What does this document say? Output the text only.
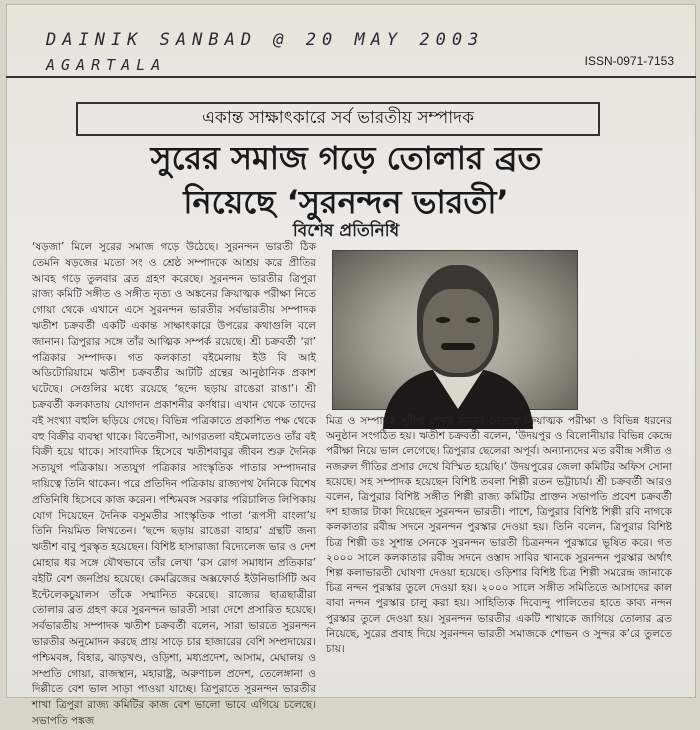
DAINIK SANBAD @ 20 MAY 2003
AGARTALA	ISSN-0971-7153
একান্ত সাক্ষাৎকারে সর্ব ভারতীয় সম্পাদক
সুরের সমাজ গড়ে তোলার ব্রত
নিয়েছে ‘সুরনন্দন ভারতী’
বিশেষ প্রতিনিধি

‘ষড়জা’ মিলে সুরের সমাজ গড়ে উঠেছে। সুরনন্দন ভারতী ঠিক তেমনি ষড়জের মতো সং ও শ্রেষ্ঠ সম্পাদকে আশ্রয় করে প্রীতির আবহ গড়ে তুলবার ব্রত গ্রহণ করেছে। সুরনন্দন ভারতীর ত্রিপুরা রাজ্য কমিটি সঙ্গীত ও সঙ্গীত নৃত্য ও অঙ্কনের ক্রিয়াত্মক পরীক্ষা নিতে গোয়া থেকে এখানে এসে সুরনন্দন ভারতীর সর্বভারতীয় সম্পাদক ঋতীশ চক্রবর্তী একটি একান্ত সাক্ষাৎকারে উপরের কথাগুলি বলে জানান। ত্রিপুরার সঙ্গে তাঁর আত্মিক সম্পর্ক রয়েছে। শ্রী চক্রবর্তী ‘রা’ পত্রিকার সম্পাদক। গত কলকাতা বইমেলায় ইউ বি আই অডিটোরিয়ামে ঋতীশ চক্রবর্তীর আটটি গ্রন্থের আনুষ্ঠানিক প্রকাশ ঘটেছে। সেগুলির মধ্যে রয়েছে ‘ছন্দে ছড়ায় রাঙেরা রাঙা’। শ্রী চক্রবর্তী কলকাতায় যোগদান প্রকাশনীর কর্ণধার। এখান থেকে তাদের বই সংখ্যা বহুলি ছড়িয়ে গেছে। বিভিন্ন পত্রিকাতে প্রকাশিত পক্ষ থেকে বহু বিক্রীর ব্যবস্থা থাকে। বিতেনীসা, আগরতলা বইমেলাতেও তাঁর বই বিক্রী হয়ে থাকে। সাংবাদিক হিসেবে ঋতীশবাবুর জীবন শুরু দৈনিক সত্যযুগ পত্রিকায়। সত্যযুগ পত্রিকার সাংস্কৃতিক পাতার সম্পাদনার দায়িত্বে তিনি থাকেন। পরে প্রতিদিন পত্রিকায় রাজ্যপথ দৈনিকে বিশেষ প্রতিনিধি হিসেবে কাজ করেন। পশ্চিমবঙ্গ সরকার পরিচালিত লিপিকায় যোগ দিয়েছেন দৈনিক বসুমতীর সাংস্কৃতিক পাতা ‘রূপসী বাংলা’য় তিনি নিয়মিত লিখতেন। ‘ছন্দে ছড়ায় রাঙেরা বাহার’ গ্রন্থটি জন্য ঋতীশ বাবু পুরস্কৃত হয়েছেন। বিশিষ্ট হাসারাজা বিদ্যেলেজ ভার ও দেশ মোহার ধর সঙ্গে যৌথভাবে তাঁর লেখা ‘রস রোগ সমাধান প্রতিকার’ বইটি বেশ জনপ্রিয় হয়েছে। কেমব্রিজের অক্সফোর্ড ইউনিভার্সিটি অব ইন্টেলেকচুয়ালস তাঁকে সম্মানিত করেছে। রাজ্যের ছাত্রছাত্রীরা তোলার ব্রত গ্রহণ করে সুরনন্দন ভারতী সারা দেশে প্রসারিত হয়েছে। সর্বভারতীয় সম্পাদক ঋতীশ চক্রবর্তী বলেন, সারা ভারতে সুরনন্দন ভারতীর অনুমোদন করছে প্রায় সাড়ে চার হাজারের বেশি সম্প্রদায়ের। পশ্চিমবঙ্গ, বিহার, ঝাড়খণ্ড, ওড়িশা, মধ্যপ্রদেশ, আসাম, মেঘালয় ও সম্প্রতি গোয়া, রাজস্থান, মহারাষ্ট্র, অরুণাচল প্রদেশ, তেলেঙ্গানা ও দিল্লীতে বেশ ভাল সাড়া পাওয়া যাচ্ছে। ত্রিপুরাতে সুরনন্দন ভারতীর শাখা ত্রিপুরা রাজ্য কমিটির কাজ বেশ ভালো ভাবে এগিয়ে চলেছে। সভাপতি পঙ্কজ

মিত্র ও সম্পাদক সুদীপ্ত শেখর মিত্রের নেতৃত্বে ক্রিয়াত্মক পরীক্ষা ও বিভিন্ন ধরনের অনুষ্ঠান সংগঠিত হয়। ঋতীশ চক্রবর্তী বলেন, ‘উদয়পুর ও বিলোনীয়ার বিভিন্ন কেন্দ্রে পরীক্ষা নিয়ে ভাল লেগেছে। ত্রিপুরার ছেলেরা অপূর্ব। অন্যান্যদের মত রবীন্দ্র সঙ্গীত ও নজরুল গীতির প্রসার দেখে বিস্মিত হয়েছি।’ উদয়পুরের জেলা কমিটির অফিস সোনা হয়েছে। সহ সম্পাদক হয়েছেন বিশিষ্ট তবলা শিল্পী রতন ভট্টাচার্য। শ্রী চক্রবর্তী আরও বলেন, ত্রিপুরার বিশিষ্ট সঙ্গীত শিল্পী রাজ্য কমিটির প্রাক্তন সভাপতি প্রবেশ চক্রবর্তী দশ হাজার টাকা দিয়েছেন সুরনন্দন ভারতী। পাশে, ত্রিপুরার বিশিষ্ট শিল্পী রবি নাগকে কলকাতার রবীন্দ্র সদনে সুরনন্দন পুরস্কার দেওয়া হয়। তিনি বলেন, ত্রিপুরার বিশিষ্ট চিত্র শিল্পী ডঃ সুশান্ত সেনকে সুরনন্দন ভারতী চিত্রনন্দন পুরস্কারে ভূষিত করে। গত ২০০০ সালে কলকাতার রবীন্দ্র সদনে ওস্তাদ সাবির খানকে সুরনন্দন পুরস্কার অর্থাৎ শিল্প কলাভারতী ঘোষণা দেওয়া হয়েছে। ওড়িশার বিশিষ্ট চিত্র শিল্পী সমরেন্দ্র জানাকে চিত্র নন্দন পুরস্কার তুলে দেওয়া হয়। ২০০০ সালে সঙ্গীত সমিতিতে আসাদের কাল বাবা নন্দন পুরস্কার চালু করা হয়। সাহিত্যিক দিব্যেন্দু পালিতের হাতে কাব্য নন্দন পুরস্কার তুলে দেওয়া হয়। সুরনন্দন ভারতীর একটি শাখাকে জাগিয়ে তোলার ব্রত নিয়েছে, সুরের প্রবাহ দিয়ে সুরনন্দন ভারতী সমাজকে শোভন ও সুন্দর ক’রে তুলতে চায়।
